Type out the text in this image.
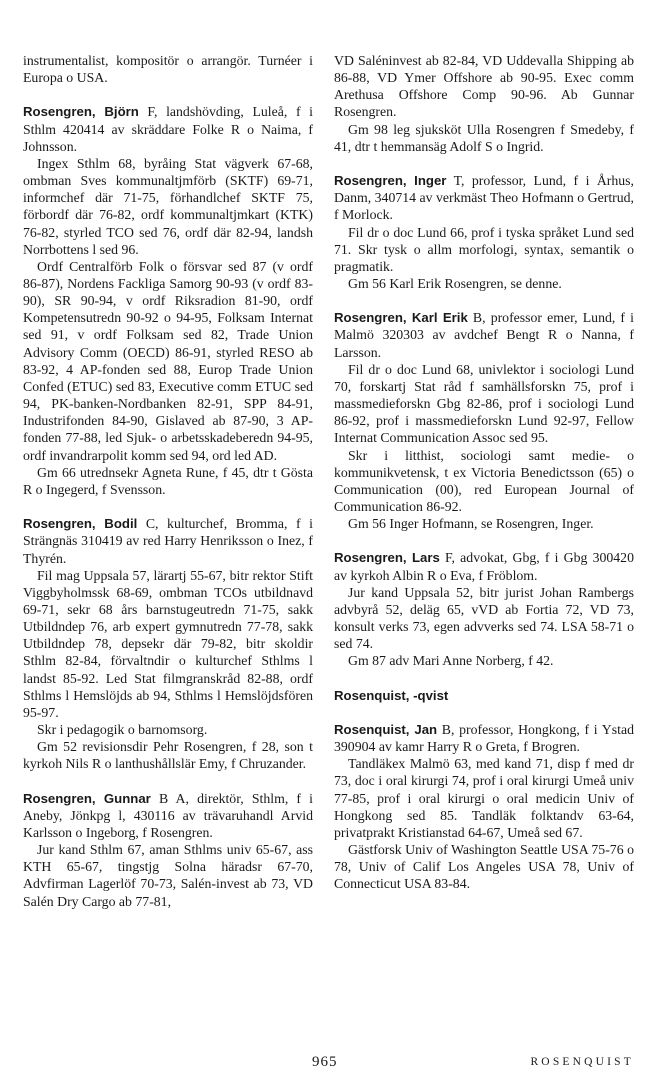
instrumentalist, kompositör o arrangör. Turnéer i Europa o USA.

Rosengren, Björn F, landshövding, Luleå, f i Sthlm 420414 av skräddare Folke R o Naima, f Johnsson.

Ingex Sthlm 68, byråing Stat vägverk 67-68, ombman Sves kommunaltjmförb (SKTF) 69-71, informchef där 71-75, förhandlchef SKTF 75, förbordf där 76-82, ordf kommunaltjmkart (KTK) 76-82, styrled TCO sed 76, ordf där 82-94, landsh Norrbottens l sed 96.

Ordf Centralförb Folk o försvar sed 87 (v ordf 86-87), Nordens Fackliga Samorg 90-93 (v ordf 83-90), SR 90-94, v ordf Riksradion 81-90, ordf Kompetensutredn 90-92 o 94-95, Folksam Internat sed 91, v ordf Folksam sed 82, Trade Union Advisory Comm (OECD) 86-91, styrled RESO ab 83-92, 4 AP-fonden sed 88, Europ Trade Union Confed (ETUC) sed 83, Executive comm ETUC sed 94, PK-banken-Nordbanken 82-91, SPP 84-91, Industrifonden 84-90, Gislaved ab 87-90, 3 AP-fonden 77-88, led Sjuk- o arbetsskadeberedn 94-95, ordf invandrarpolit komm sed 94, ord led AD.

Gm 66 utrednsekr Agneta Rune, f 45, dtr t Gösta R o Ingegerd, f Svensson.

Rosengren, Bodil C, kulturchef, Bromma, f i Strängnäs 310419 av red Harry Henriksson o Inez, f Thyrén.

Fil mag Uppsala 57, lärartj 55-67, bitr rektor Stift Viggbyholmssk 68-69, ombman TCOs utbildnavd 69-71, sekr 68 års barnstugeutredn 71-75, sakk Utbildndep 76, arb expert gymnutredn 77-78, sakk Utbildndep 78, depsekr där 79-82, bitr skoldir Sthlm 82-84, förvaltndir o kulturchef Sthlms l landst 85-92. Led Stat filmgranskråd 82-88, ordf Sthlms l Hemslöjds ab 94, Sthlms l Hemslöjdsfören 95-97.

Skr i pedagogik o barnomsorg.

Gm 52 revisionsdir Pehr Rosengren, f 28, son t kyrkoh Nils R o lanthushållslär Emy, f Chruzander.

Rosengren, Gunnar B A, direktör, Sthlm, f i Aneby, Jönkpg l, 430116 av trävaruhandl Arvid Karlsson o Ingeborg, f Rosengren.

Jur kand Sthlm 67, aman Sthlms univ 65-67, ass KTH 65-67, tingstjg Solna häradsr 67-70, Advfirman Lagerlöf 70-73, Salén-invest ab 73, VD Salén Dry Cargo ab 77-81,

VD Saléninvest ab 82-84, VD Uddevalla Shipping ab 86-88, VD Ymer Offshore ab 90-95. Exec comm Arethusa Offshore Comp 90-96. Ab Gunnar Rosengren.

Gm 98 leg sjuksköt Ulla Rosengren f Smedeby, f 41, dtr t hemmansäg Adolf S o Ingrid.

Rosengren, Inger T, professor, Lund, f i Århus, Danm, 340714 av verkmäst Theo Hofmann o Gertrud, f Morlock.

Fil dr o doc Lund 66, prof i tyska språket Lund sed 71. Skr tysk o allm morfologi, syntax, semantik o pragmatik.

Gm 56 Karl Erik Rosengren, se denne.

Rosengren, Karl Erik B, professor emer, Lund, f i Malmö 320303 av avdchef Bengt R o Nanna, f Larsson.

Fil dr o doc Lund 68, univlektor i sociologi Lund 70, forskartj Stat råd f samhällsforskn 75, prof i massmedieforskn Gbg 82-86, prof i sociologi Lund 86-92, prof i massmedieforskn Lund 92-97, Fellow Internat Communication Assoc sed 95.

Skr i litthist, sociologi samt medie- o kommunikvetensk, t ex Victoria Benedictsson (65) o Communication (00), red European Journal of Communication 86-92.

Gm 56 Inger Hofmann, se Rosengren, Inger.

Rosengren, Lars F, advokat, Gbg, f i Gbg 300420 av kyrkoh Albin R o Eva, f Fröblom.

Jur kand Uppsala 52, bitr jurist Johan Rambergs advbyrå 52, deläg 65, vVD ab Fortia 72, VD 73, konsult verks 73, egen advverks sed 74. LSA 58-71 o sed 74.

Gm 87 adv Mari Anne Norberg, f 42.

Rosenquist, -qvist

Rosenquist, Jan B, professor, Hongkong, f i Ystad 390904 av kamr Harry R o Greta, f Brogren.

Tandläkex Malmö 63, med kand 71, disp f med dr 73, doc i oral kirurgi 74, prof i oral kirurgi Umeå univ 77-85, prof i oral kirurgi o oral medicin Univ of Hongkong sed 85. Tandläk folktandv 63-64, privatprakt Kristianstad 64-67, Umeå sed 67.

Gästforsk Univ of Washington Seattle USA 75-76 o 78, Univ of Calif Los Angeles USA 78, Univ of Connecticut USA 83-84.

965	ROSENQUIST
